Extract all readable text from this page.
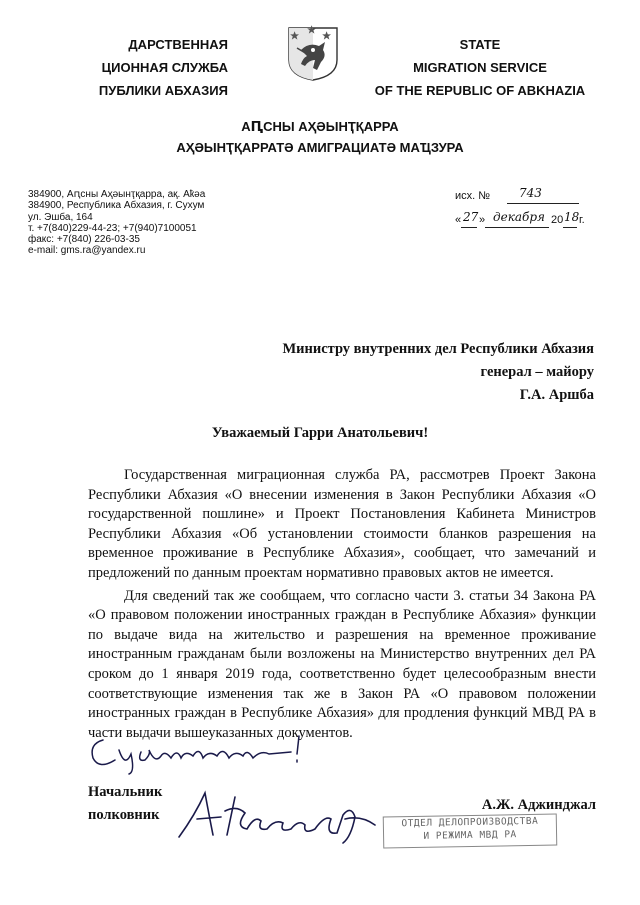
ДАРСТВЕННАЯ
ЦИОННАЯ СЛУЖБА
ПУБЛИКИ АБХАЗИЯ
STATE
MIGRATION SERVICE
OF THE REPUBLIC OF ABKHAZIA
АԤСНЫ АҲӘЫНҬҚАРРА
АҲӘЫНҬҚАРРАТӘ АМИГРАЦИАТӘ МАҴЗУРА
384900, Аԥсны Аҳәынҭқарра, ақ. Аҟәа
384900, Республика Абхазия, г. Сухум
ул. Эшба, 164
т. +7(840)229-44-23; +7(940)7100051
факс: +7(840) 226-03-35
e-mail: gms.ra@yandex.ru
исх. № 743
« 27 » декабря 20 18 г.
Министру внутренних дел Республики Абхазия
генерал – майору
Г.А. Аршба
Уважаемый Гарри Анатольевич!

Государственная миграционная служба РА, рассмотрев Проект Закона Республики Абхазия «О внесении изменения в Закон Республики Абхазия «О государственной пошлине» и Проект Постановления Кабинета Министров Республики Абхазия «Об установлении стоимости бланков разрешения на временное проживание в Республике Абхазия», сообщает, что замечаний и предложений по данным проектам нормативно правовых актов не имеется.

Для сведений так же сообщаем, что согласно части 3. статьи 34 Закона РА «О правовом положении иностранных граждан в Республике Абхазия» функции по выдаче вида на жительство и разрешения на временное проживание иностранным гражданам были возложены на Министерство внутренних дел РА сроком до 1 января 2019 года, соответственно будет целесообразным внести соответствующие изменения так же в Закон РА «О правовом положении иностранных граждан в Республике Абхазия» для продления функций МВД РА в части выдачи вышеуказанных документов.

Начальник
полковник
А.Ж. Аджинджал
ОТДЕЛ ДЕЛОПРОИЗВОДСТВА
И РЕЖИМА МВД РА
